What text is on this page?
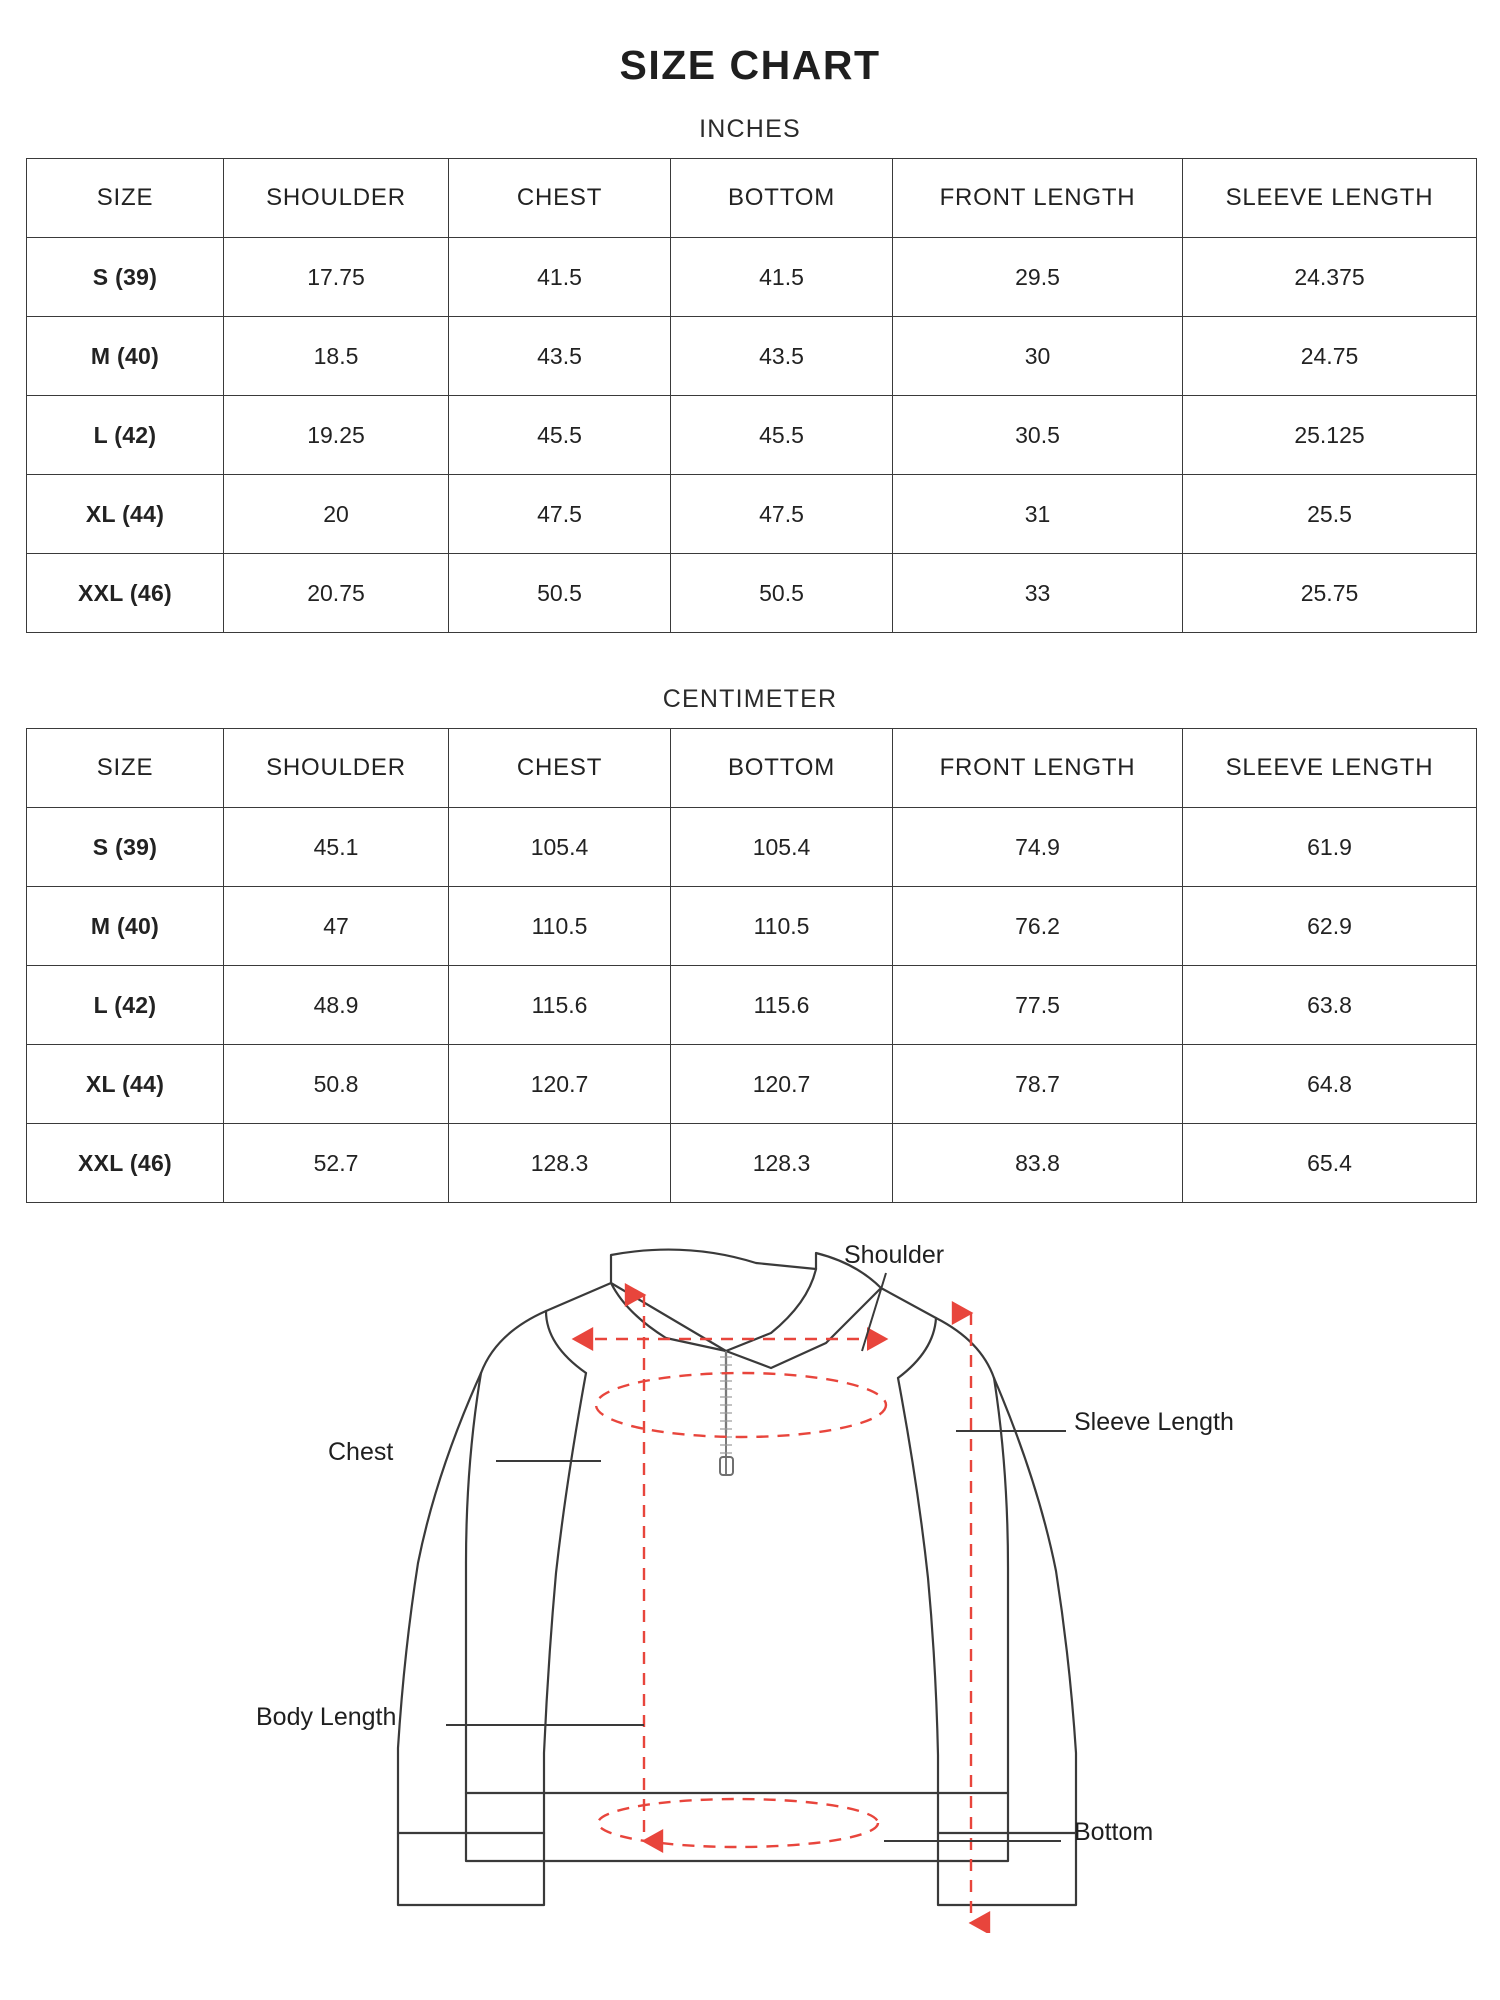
SIZE CHART
INCHES
SIZE	SHOULDER	CHEST	BOTTOM	FRONT LENGTH	SLEEVE LENGTH
S (39)	17.75	41.5	41.5	29.5	24.375
M (40)	18.5	43.5	43.5	30	24.75
L (42)	19.25	45.5	45.5	30.5	25.125
XL (44)	20	47.5	47.5	31	25.5
XXL (46)	20.75	50.5	50.5	33	25.75
CENTIMETER
SIZE	SHOULDER	CHEST	BOTTOM	FRONT LENGTH	SLEEVE LENGTH
S (39)	45.1	105.4	105.4	74.9	61.9
M (40)	47	110.5	110.5	76.2	62.9
L (42)	48.9	115.6	115.6	77.5	63.8
XL (44)	50.8	120.7	120.7	78.7	64.8
XXL (46)	52.7	128.3	128.3	83.8	65.4
Shoulder
Sleeve Length
Chest
Body Length
Bottom
